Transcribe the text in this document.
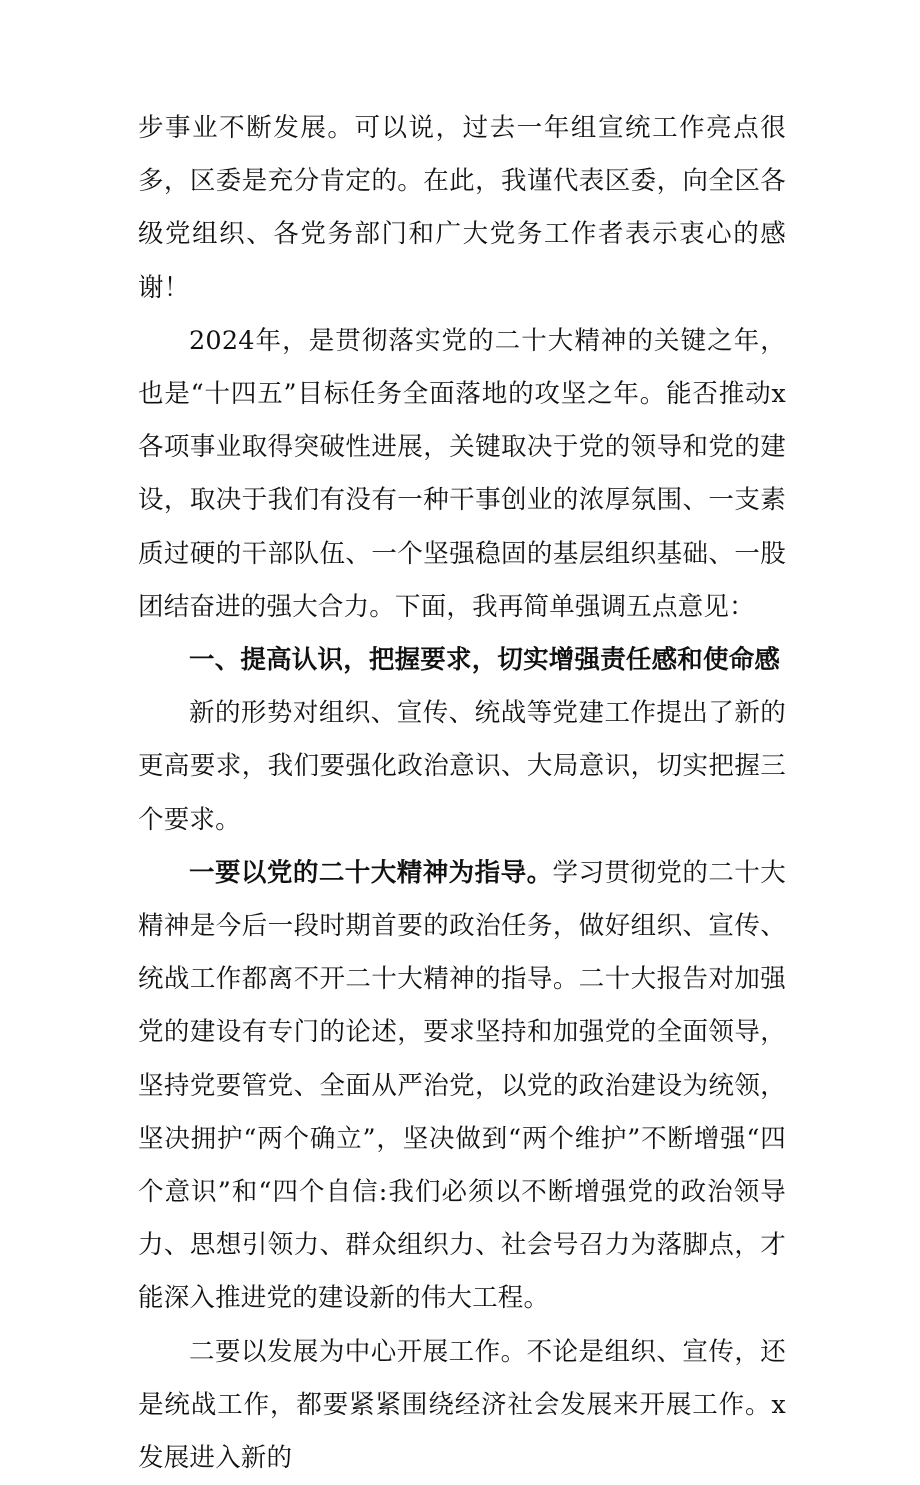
步事业不断发展。可以说，过去一年组宣统工作亮点很多，区委是充分肯定的。在此，我谨代表区委，向全区各级党组织、各党务部门和广大党务工作者表示衷心的感谢！

2024年，是贯彻落实党的二十大精神的关键之年，也是“十四五”目标任务全面落地的攻坚之年。能否推动x各项事业取得突破性进展，关键取决于党的领导和党的建设，取决于我们有没有一种干事创业的浓厚氛围、一支素质过硬的干部队伍、一个坚强稳固的基层组织基础、一股团结奋进的强大合力。下面，我再简单强调五点意见：

一、提高认识，把握要求，切实增强责任感和使命感

新的形势对组织、宣传、统战等党建工作提出了新的更高要求，我们要强化政治意识、大局意识，切实把握三个要求。

一要以党的二十大精神为指导。学习贯彻党的二十大精神是今后一段时期首要的政治任务，做好组织、宣传、统战工作都离不开二十大精神的指导。二十大报告对加强党的建设有专门的论述，要求坚持和加强党的全面领导，坚持党要管党、全面从严治党，以党的政治建设为统领，坚决拥护“两个确立”，坚决做到“两个维护”不断增强“四个意识”和“四个自信:我们必须以不断增强党的政治领导力、思想引领力、群众组织力、社会号召力为落脚点，才能深入推进党的建设新的伟大工程。

二要以发展为中心开展工作。不论是组织、宣传，还是统战工作，都要紧紧围绕经济社会发展来开展工作。x发展进入新的
